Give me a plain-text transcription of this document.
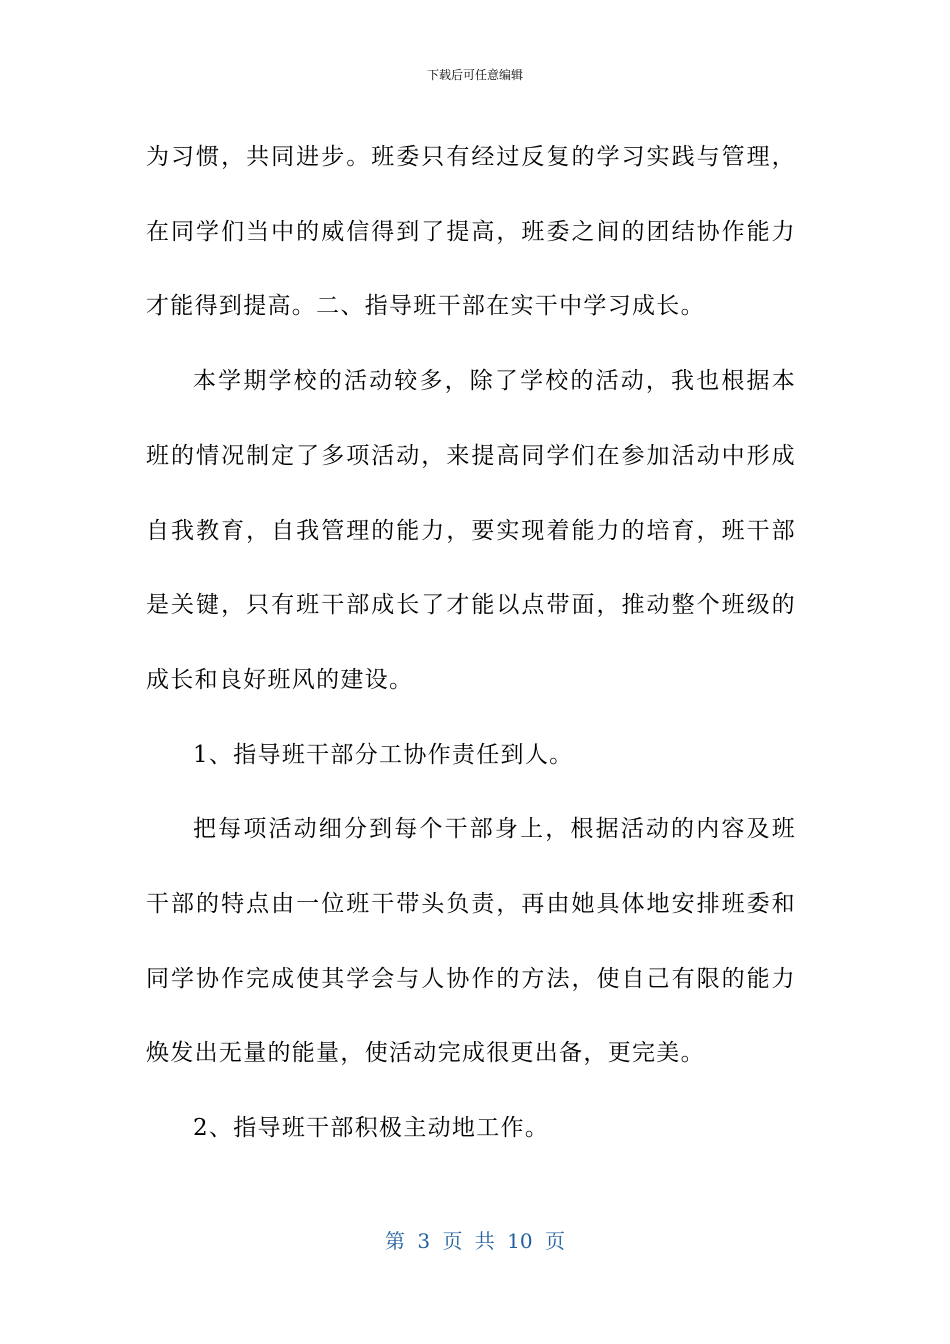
下载后可任意编辑

为习惯，共同进步。班委只有经过反复的学习实践与管理，在同学们当中的威信得到了提高，班委之间的团结协作能力才能得到提高。二、指导班干部在实干中学习成长。

本学期学校的活动较多，除了学校的活动，我也根据本班的情况制定了多项活动，来提高同学们在参加活动中形成自我教育，自我管理的能力，要实现着能力的培育，班干部是关键，只有班干部成长了才能以点带面，推动整个班级的成长和良好班风的建设。

1、指导班干部分工协作责任到人。

把每项活动细分到每个干部身上，根据活动的内容及班干部的特点由一位班干带头负责，再由她具体地安排班委和同学协作完成使其学会与人协作的方法，使自己有限的能力焕发出无量的能量，使活动完成很更出备，更完美。

2、指导班干部积极主动地工作。

第 3 页 共 10 页
